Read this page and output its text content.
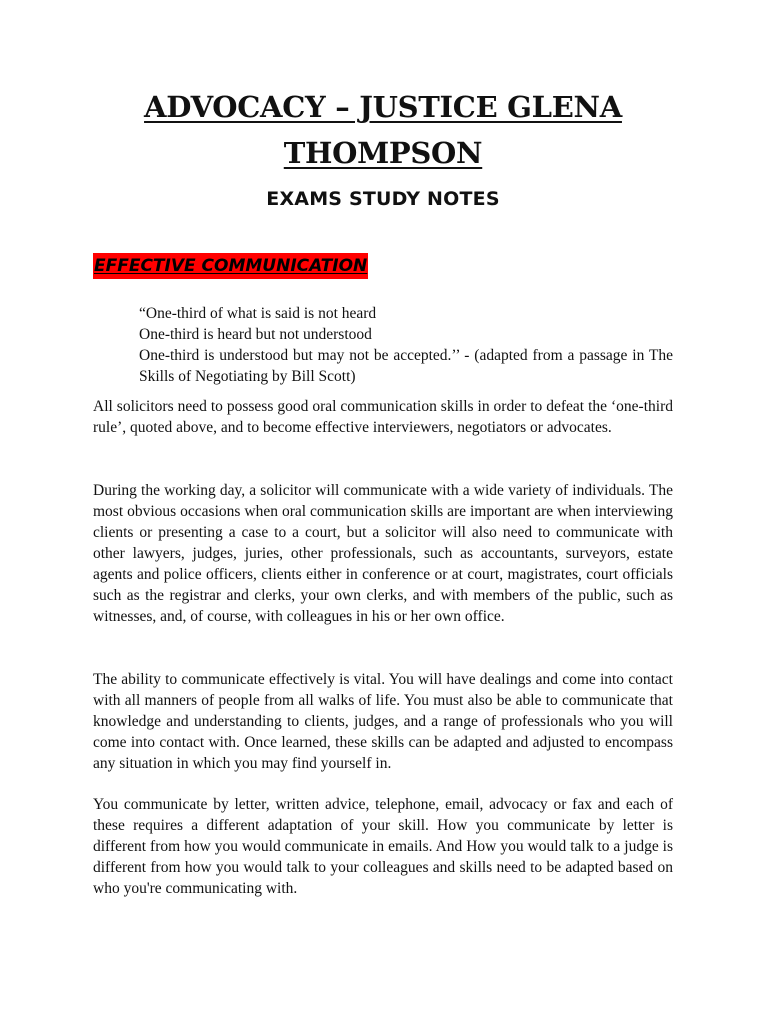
ADVOCACY – JUSTICE GLENA
THOMPSON
EXAMS STUDY NOTES
EFFECTIVE COMMUNICATION
“One-third of what is said is not heard
One-third is heard but not understood
One-third is understood but may not be accepted.’’ - (adapted from a passage in The Skills of Negotiating by Bill Scott)

All solicitors need to possess good oral communication skills in order to defeat the ‘one-third rule’, quoted above, and to become effective interviewers, negotiators or advocates.

During the working day, a solicitor will communicate with a wide variety of individuals. The most obvious occasions when oral communication skills are important are when interviewing clients or presenting a case to a court, but a solicitor will also need to communicate with other lawyers, judges, juries, other professionals, such as accountants, surveyors, estate agents and police officers, clients either in conference or at court, magistrates, court officials such as the registrar and clerks, your own clerks, and with members of the public, such as witnesses, and, of course, with colleagues in his or her own office.

The ability to communicate effectively is vital. You will have dealings and come into contact with all manners of people from all walks of life. You must also be able to communicate that knowledge and understanding to clients, judges, and a range of professionals who you will come into contact with. Once learned, these skills can be adapted and adjusted to encompass any situation in which you may find yourself in.

You communicate by letter, written advice, telephone, email, advocacy or fax and each of these requires a different adaptation of your skill. How you communicate by letter is different from how you would communicate in emails. And How you would talk to a judge is different from how you would talk to your colleagues and skills need to be adapted based on who you're communicating with.
